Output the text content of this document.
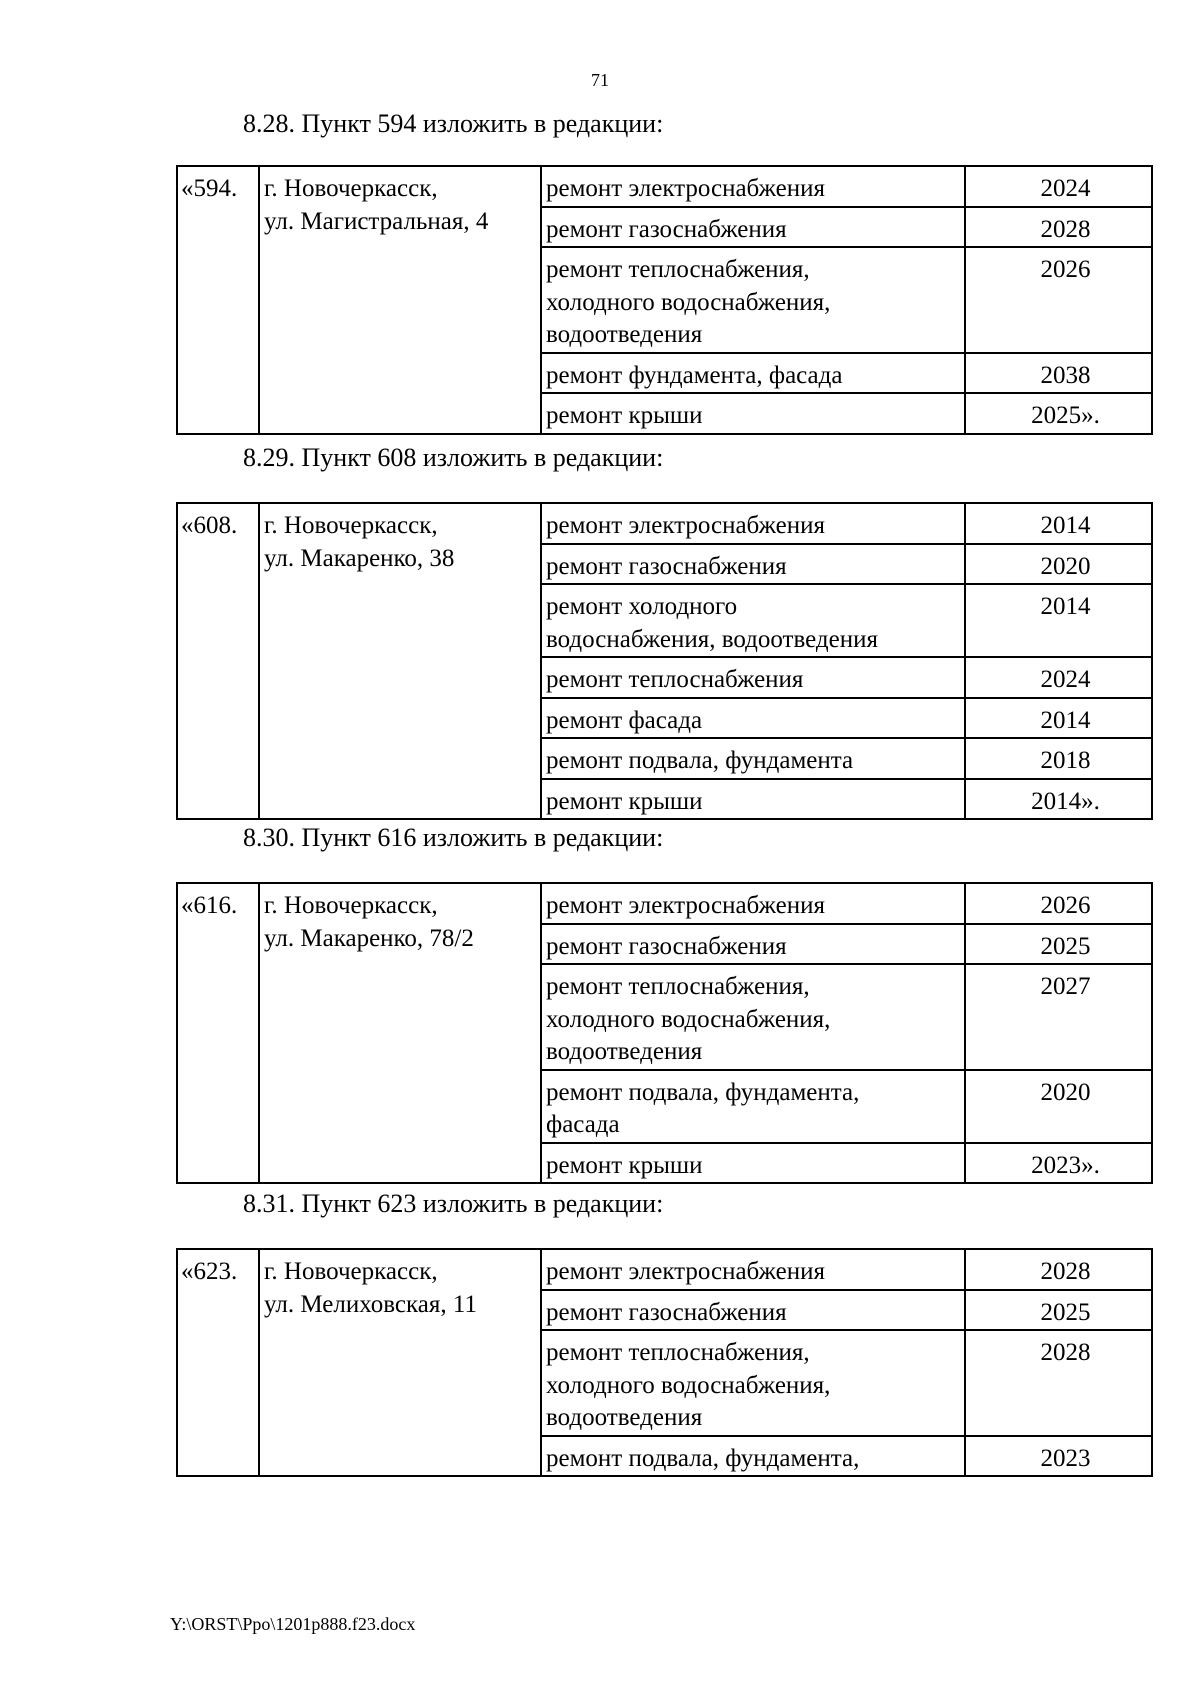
71
8.28. Пункт 594 изложить в редакции:
«594.	г. Новочеркасск,
ул. Магистральная, 4	ремонт электроснабжения	2024

		ремонт газоснабжения	2028

		ремонт теплоснабжения,
холодного водоснабжения,
водоотведения	2026

		ремонт фундамента, фасада	2038

		ремонт крыши	2025».
8.29. Пункт 608 изложить в редакции:
«608.	г. Новочеркасск,
ул. Макаренко, 38	ремонт электроснабжения	2014

		ремонт газоснабжения	2020

		ремонт холодного
водоснабжения, водоотведения	2014

		ремонт теплоснабжения	2024

		ремонт фасада	2014

		ремонт подвала, фундамента	2018

		ремонт крыши	2014».
8.30. Пункт 616 изложить в редакции:
«616.	г. Новочеркасск,
ул. Макаренко, 78/2	ремонт электроснабжения	2026

		ремонт газоснабжения	2025

		ремонт теплоснабжения,
холодного водоснабжения,
водоотведения	2027

		ремонт подвала, фундамента,
фасада	2020

		ремонт крыши	2023».
8.31. Пункт 623 изложить в редакции:
«623.	г. Новочеркасск,
ул. Мелиховская, 11	ремонт электроснабжения	2028

		ремонт газоснабжения	2025

		ремонт теплоснабжения,
холодного водоснабжения,
водоотведения	2028

		ремонт подвала, фундамента,	2023
Y:\ORST\Ppo\1201p888.f23.docx
